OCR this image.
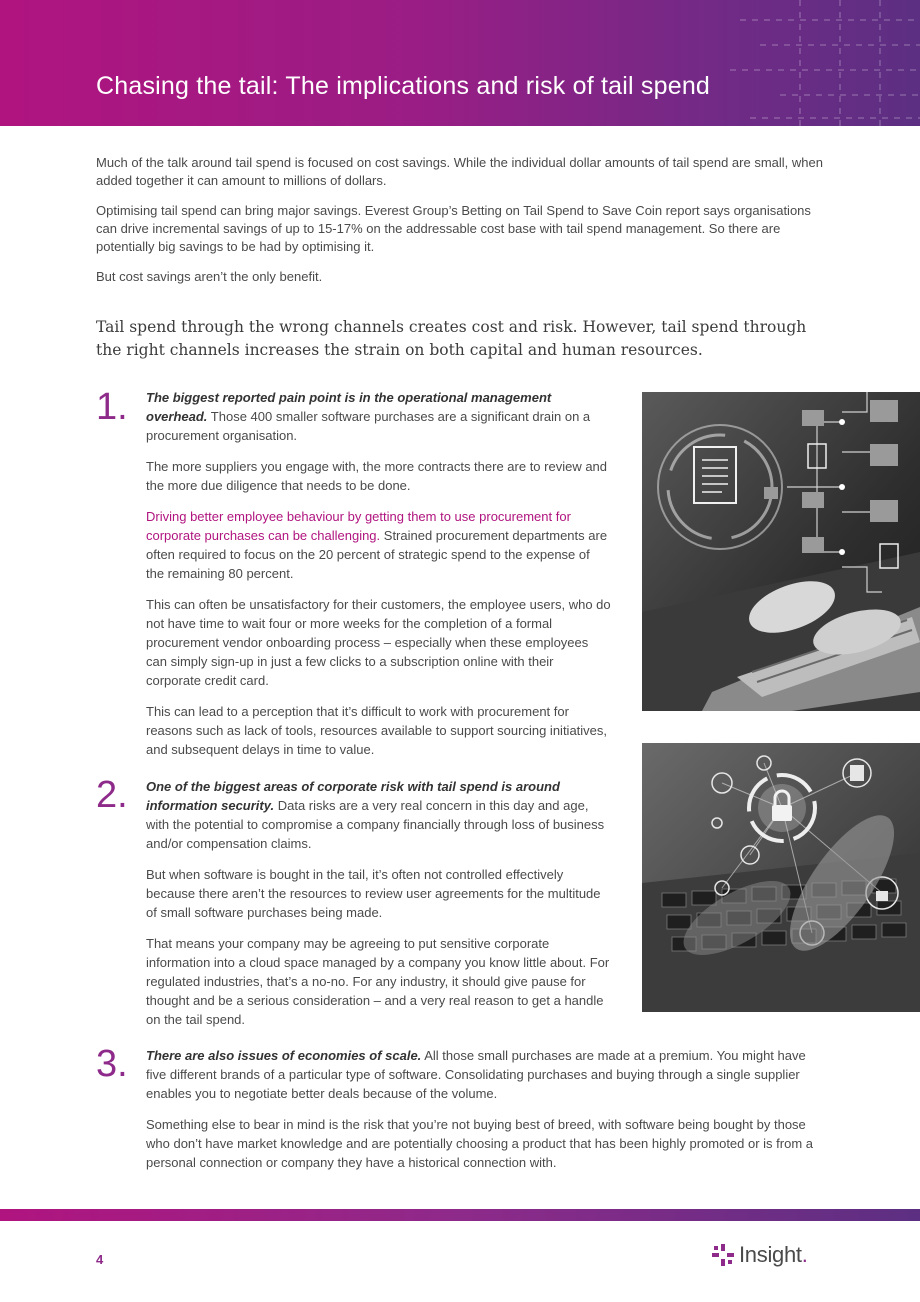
Chasing the tail: The implications and risk of tail spend

Much of the talk around tail spend is focused on cost savings. While the individual dollar amounts of tail spend are small, when added together it can amount to millions of dollars.

Optimising tail spend can bring major savings. Everest Group’s Betting on Tail Spend to Save Coin report says organisations can drive incremental savings of up to 15-17% on the addressable cost base with tail spend management. So there are potentially big savings to be had by optimising it.

But cost savings aren’t the only benefit.

Tail spend through the wrong channels creates cost and risk. However, tail spend through the right channels increases the strain on both capital and human resources.

1. The biggest reported pain point is in the operational management overhead. Those 400 smaller software purchases are a significant drain on a procurement organisation.

The more suppliers you engage with, the more contracts there are to review and the more due diligence that needs to be done.

Driving better employee behaviour by getting them to use procurement for corporate purchases can be challenging. Strained procurement departments are often required to focus on the 20 percent of strategic spend to the expense of the remaining 80 percent.

This can often be unsatisfactory for their customers, the employee users, who do not have time to wait four or more weeks for the completion of a formal procurement vendor onboarding process – especially when these employees can simply sign-up in just a few clicks to a subscription online with their corporate credit card.

This can lead to a perception that it’s difficult to work with procurement for reasons such as lack of tools, resources available to support sourcing initiatives, and subsequent delays in time to value.

2. One of the biggest areas of corporate risk with tail spend is around information security. Data risks are a very real concern in this day and age, with the potential to compromise a company financially through loss of business and/or compensation claims.

But when software is bought in the tail, it’s often not controlled effectively because there aren’t the resources to review user agreements for the multitude of small software purchases being made.

That means your company may be agreeing to put sensitive corporate information into a cloud space managed by a company you know little about. For regulated industries, that’s a no-no. For any industry, it should give pause for thought and be a serious consideration – and a very real reason to get a handle on the tail spend.

3. There are also issues of economies of scale. All those small purchases are made at a premium. You might have five different brands of a particular type of software. Consolidating purchases and buying through a single supplier enables you to negotiate better deals because of the volume.

Something else to bear in mind is the risk that you’re not buying best of breed, with software being bought by those who don’t have market knowledge and are potentially choosing a product that has been highly promoted or is from a personal connection or company they have a historical connection with.

4	Insight .
